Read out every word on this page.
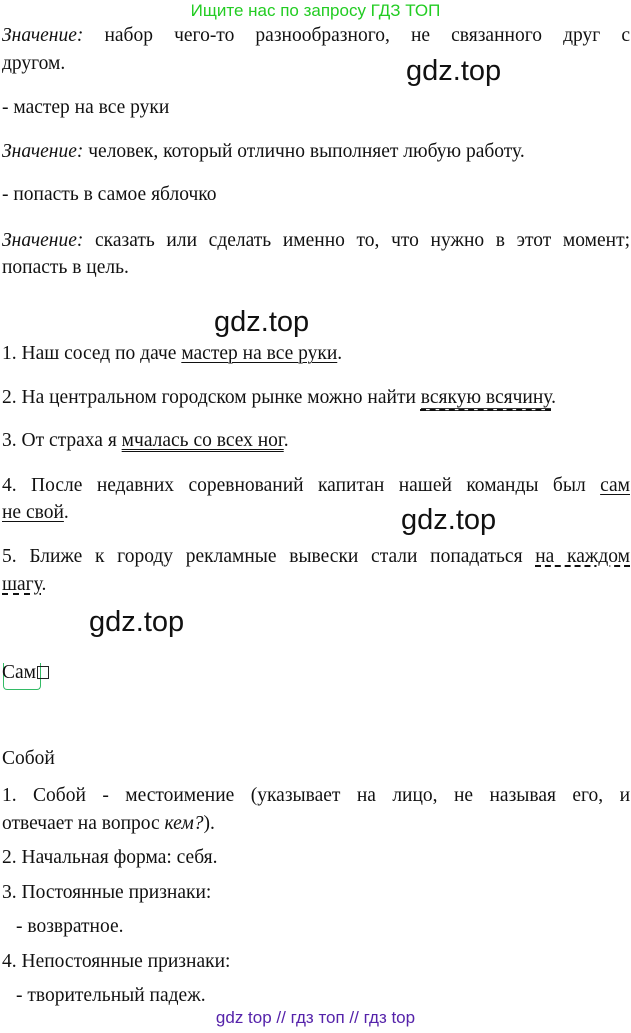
Ищите нас по запросу ГДЗ ТОП
Значение: набор чего-то разнообразного, не связанного друг с
другом.	gdz.top
- мастер на все руки
Значение: человек, который отлично выполняет любую работу.
- попасть в самое яблочко
Значение: сказать или сделать именно то, что нужно в этот момент;
попасть в цель.
gdz.top
1. Наш сосед по даче мастер на все руки.
2. На центральном городском рынке можно найти всякую всячину.
3. От страха я мчалась со всех ног.
4. После недавних соревнований капитан нашей команды был сам
не свой.	gdz.top
5. Ближе к городу рекламные вывески стали попадаться на каждом
шагу.
gdz.top
Сам
Собой
1. Собой - местоимение (указывает на лицо, не называя его, и
отвечает на вопрос кем?).
2. Начальная форма: себя.
3. Постоянные признаки:
- возвратное.
4. Непостоянные признаки:
- творительный падеж.
gdz top // гдз топ // гдз top
